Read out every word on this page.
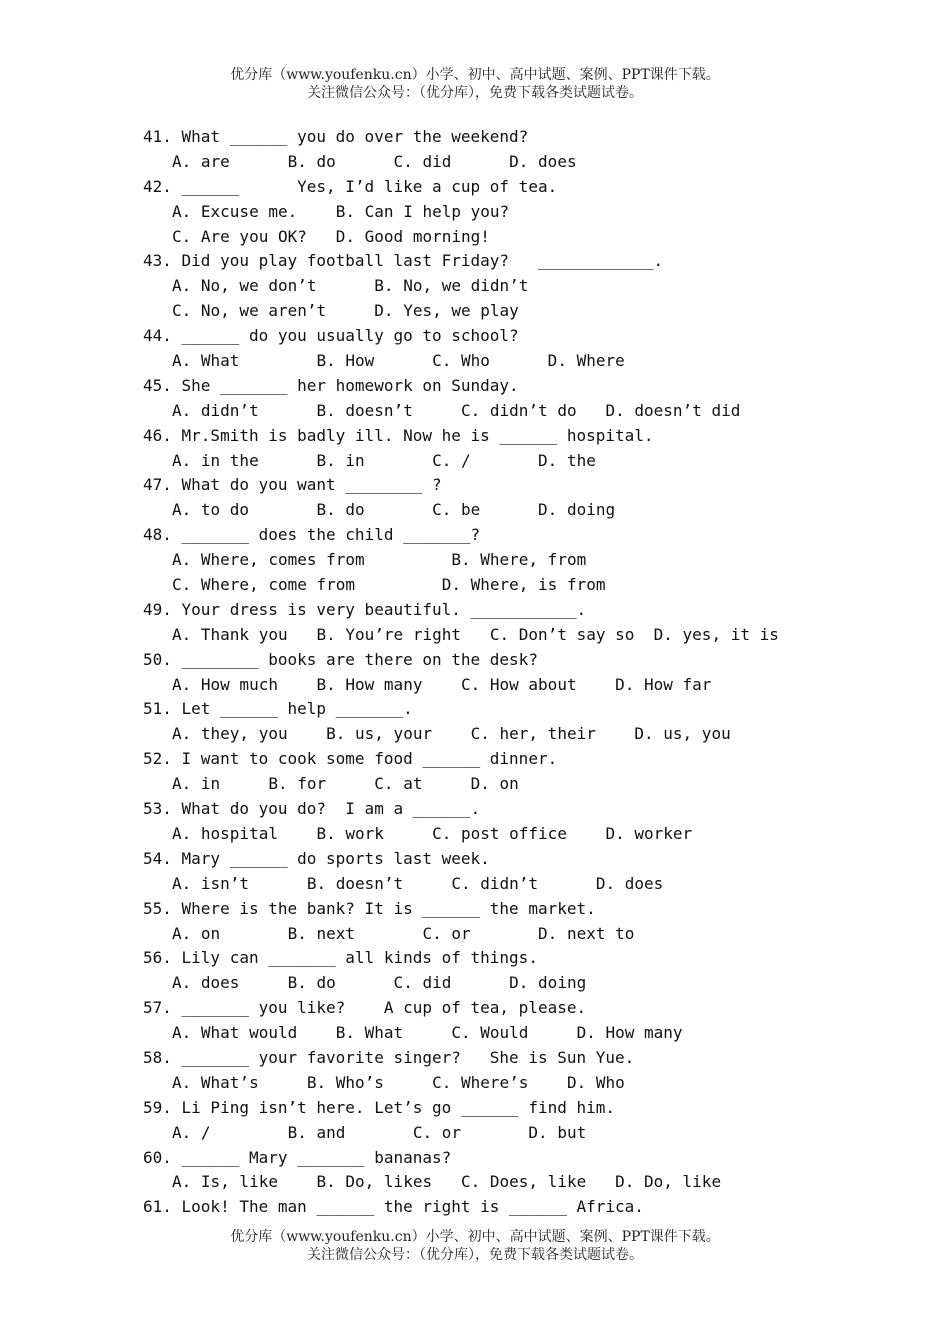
优分库（www.youfenku.cn）小学、初中、高中试题、案例、PPT课件下载。
关注微信公众号：（优分库），免费下载各类试题试卷。
41. What ______ you do over the weekend?
A. are      B. do      C. did      D. does
42. ______      Yes, I’d like a cup of tea.
A. Excuse me.    B. Can I help you?
C. Are you OK?   D. Good morning!
43. Did you play football last Friday?   ____________.
A. No, we don’t      B. No, we didn’t
C. No, we aren’t     D. Yes, we play
44. ______ do you usually go to school?
A. What        B. How      C. Who      D. Where
45. She _______ her homework on Sunday.
A. didn’t      B. doesn’t     C. didn’t do   D. doesn’t did
46. Mr.Smith is badly ill. Now he is ______ hospital.
A. in the      B. in       C. /       D. the
47. What do you want ________ ?
A. to do       B. do       C. be      D. doing
48. _______ does the child _______?
A. Where, comes from         B. Where, from
C. Where, come from         D. Where, is from
49. Your dress is very beautiful. ___________.
A. Thank you   B. You’re right   C. Don’t say so  D. yes, it is
50. ________ books are there on the desk?
A. How much    B. How many    C. How about    D. How far
51. Let ______ help _______.
A. they, you    B. us, your    C. her, their    D. us, you
52. I want to cook some food ______ dinner.
A. in     B. for     C. at     D. on
53. What do you do?  I am a ______.
A. hospital    B. work     C. post office    D. worker
54. Mary ______ do sports last week.
A. isn’t      B. doesn’t     C. didn’t      D. does
55. Where is the bank? It is ______ the market.
A. on       B. next       C. or       D. next to
56. Lily can _______ all kinds of things.
A. does     B. do      C. did      D. doing
57. _______ you like?    A cup of tea, please.
A. What would    B. What     C. Would     D. How many
58. _______ your favorite singer?   She is Sun Yue.
A. What’s     B. Who’s     C. Where’s    D. Who
59. Li Ping isn’t here. Let’s go ______ find him.
A. /        B. and       C. or       D. but
60. ______ Mary _______ bananas?
A. Is, like    B. Do, likes   C. Does, like   D. Do, like
61. Look! The man ______ the right is ______ Africa.
优分库（www.youfenku.cn）小学、初中、高中试题、案例、PPT课件下载。
关注微信公众号：（优分库），免费下载各类试题试卷。
